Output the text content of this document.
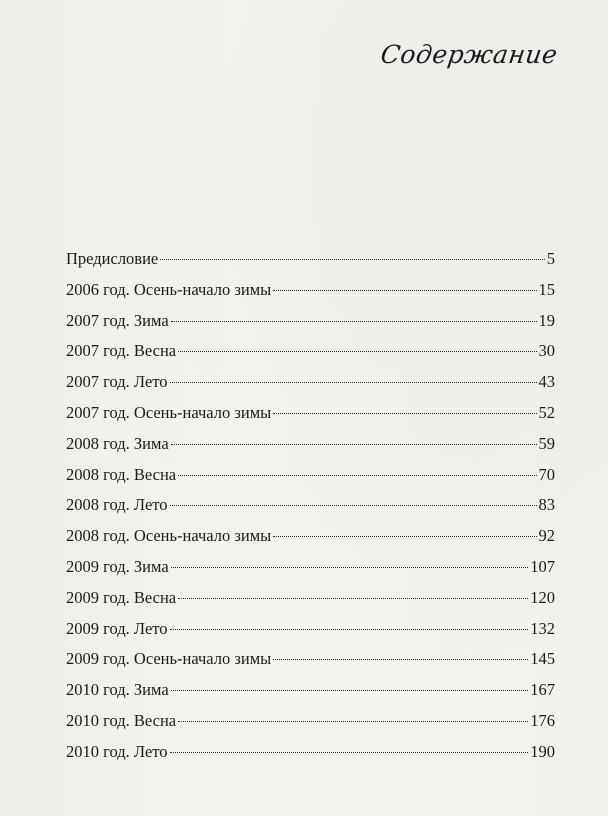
Содержание
Предисловие	5
2006 год. Осень-начало зимы	15
2007 год. Зима	19
2007 год. Весна	30
2007 год. Лето	43
2007 год. Осень-начало зимы	52
2008 год. Зима	59
2008 год. Весна	70
2008 год. Лето	83
2008 год. Осень-начало зимы	92
2009 год. Зима	107
2009 год. Весна	120
2009 год. Лето	132
2009 год. Осень-начало зимы	145
2010 год. Зима	167
2010 год. Весна	176
2010 год. Лето	190
